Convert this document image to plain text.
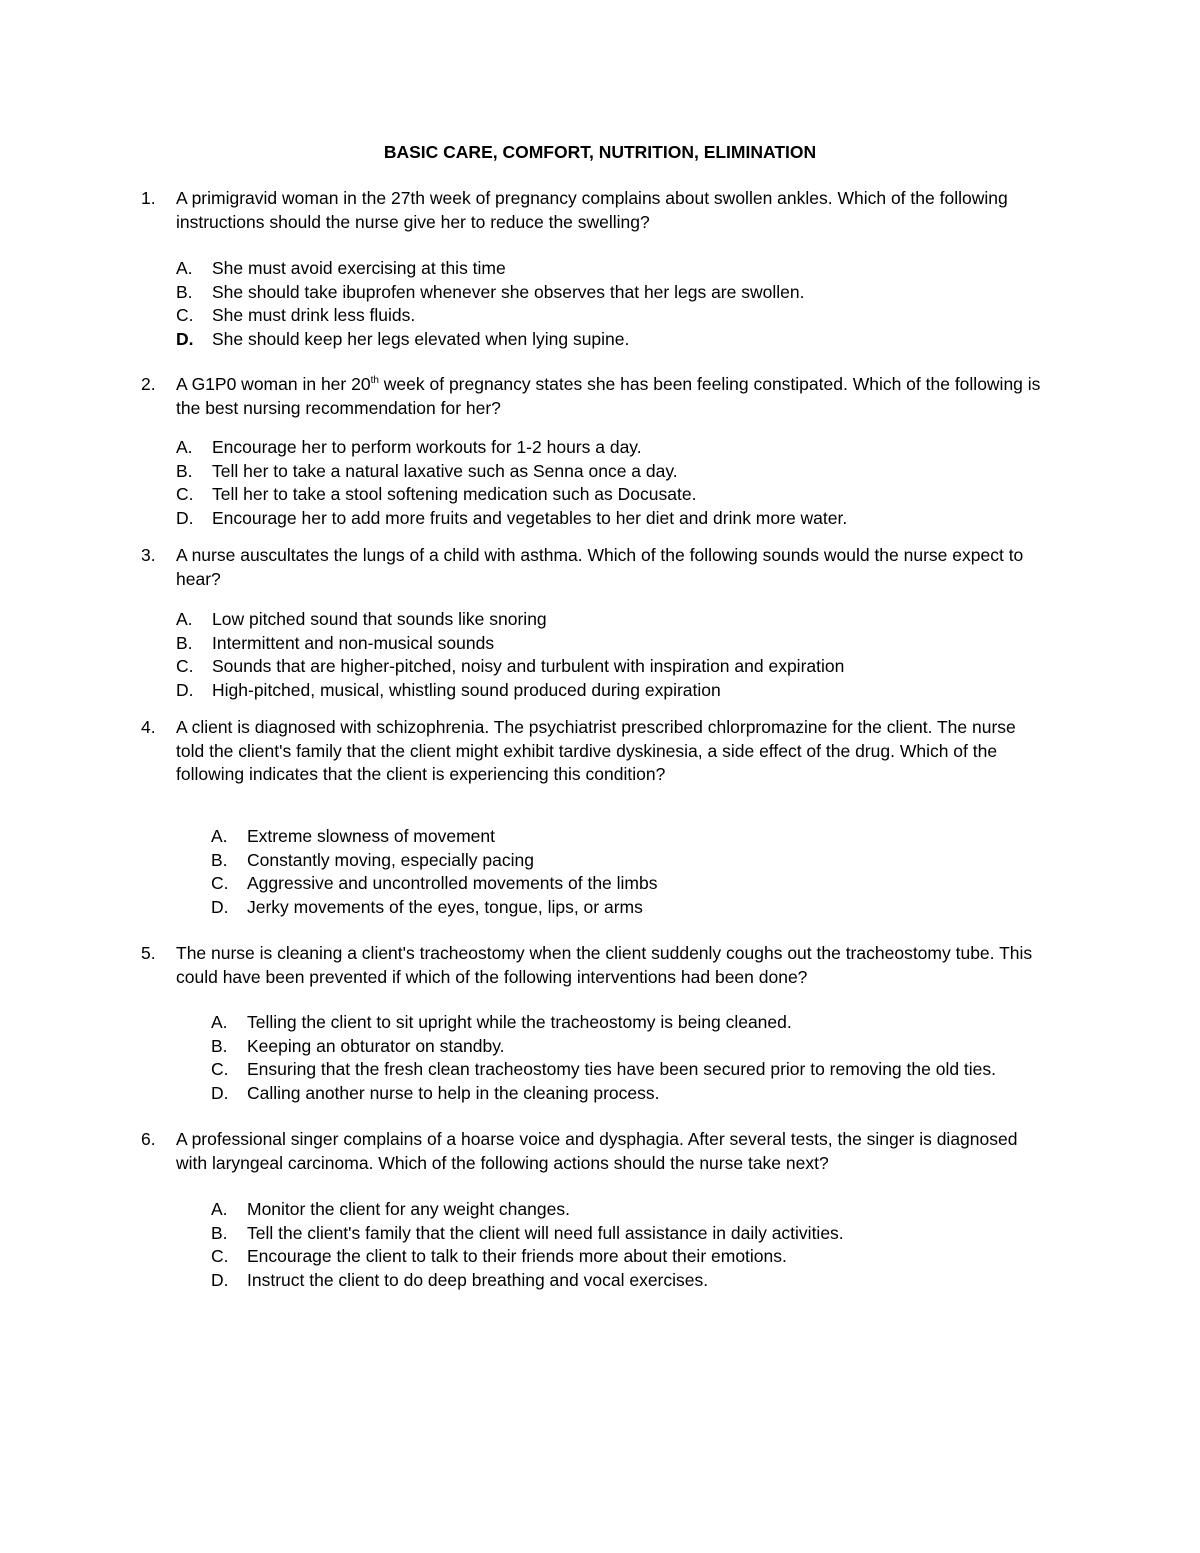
BASIC CARE, COMFORT, NUTRITION, ELIMINATION
1. A primigravid woman in the 27th week of pregnancy complains about swollen ankles. Which of the following
instructions should the nurse give her to reduce the swelling?
A. She must avoid exercising at this time
B. She should take ibuprofen whenever she observes that her legs are swollen.
C. She must drink less fluids.
D. She should keep her legs elevated when lying supine.
2. A G1P0 woman in her 20th week of pregnancy states she has been feeling constipated. Which of the following is
the best nursing recommendation for her?
A. Encourage her to perform workouts for 1-2 hours a day.
B. Tell her to take a natural laxative such as Senna once a day.
C. Tell her to take a stool softening medication such as Docusate.
D. Encourage her to add more fruits and vegetables to her diet and drink more water.
3. A nurse auscultates the lungs of a child with asthma. Which of the following sounds would the nurse expect to
hear?
A. Low pitched sound that sounds like snoring
B. Intermittent and non-musical sounds
C. Sounds that are higher-pitched, noisy and turbulent with inspiration and expiration
D. High-pitched, musical, whistling sound produced during expiration
4. A client is diagnosed with schizophrenia. The psychiatrist prescribed chlorpromazine for the client. The nurse
told the client's family that the client might exhibit tardive dyskinesia, a side effect of the drug. Which of the
following indicates that the client is experiencing this condition?
A. Extreme slowness of movement
B. Constantly moving, especially pacing
C. Aggressive and uncontrolled movements of the limbs
D. Jerky movements of the eyes, tongue, lips, or arms
5. The nurse is cleaning a client's tracheostomy when the client suddenly coughs out the tracheostomy tube. This
could have been prevented if which of the following interventions had been done?
A. Telling the client to sit upright while the tracheostomy is being cleaned.
B. Keeping an obturator on standby.
C. Ensuring that the fresh clean tracheostomy ties have been secured prior to removing the old ties.
D. Calling another nurse to help in the cleaning process.
6. A professional singer complains of a hoarse voice and dysphagia. After several tests, the singer is diagnosed
with laryngeal carcinoma. Which of the following actions should the nurse take next?
A. Monitor the client for any weight changes.
B. Tell the client's family that the client will need full assistance in daily activities.
C. Encourage the client to talk to their friends more about their emotions.
D. Instruct the client to do deep breathing and vocal exercises.
